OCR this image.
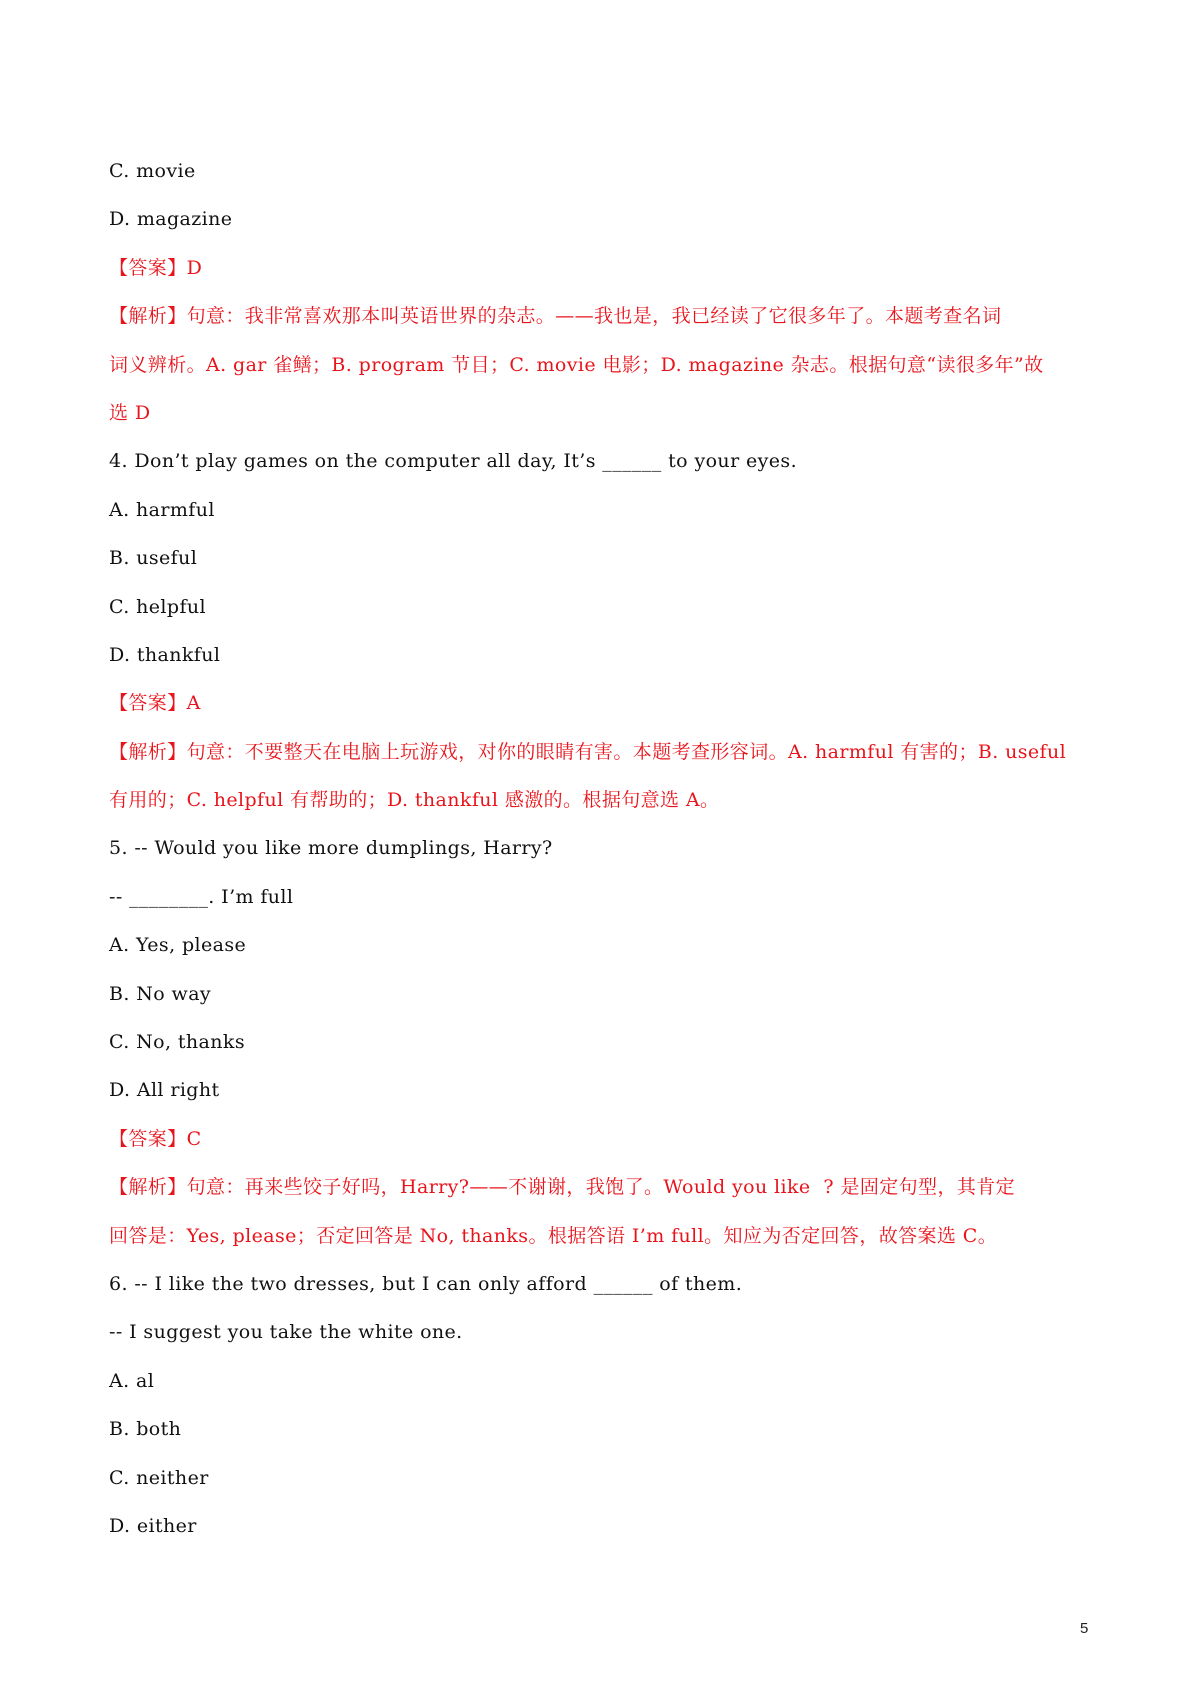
C. movie
D. magazine
【答案】D
【解析】句意：我非常喜欢那本叫英语世界的杂志。——我也是，我已经读了它很多年了。本题考查名词
词义辨析。A. gar 雀鳝；B. program 节目；C. movie 电影；D. magazine 杂志。根据句意“读很多年”故
选 D
4. Don’t play games on the computer all day, It’s ______ to your eyes.
A. harmful
B. useful
C. helpful
D. thankful
【答案】A
【解析】句意：不要整天在电脑上玩游戏，对你的眼睛有害。本题考查形容词。A. harmful 有害的；B. useful
有用的；C. helpful 有帮助的；D. thankful 感激的。根据句意选 A。
5. -- Would you like more dumplings, Harry?
-- ________. I’m full
A. Yes, please
B. No way
C. No, thanks
D. All right
【答案】C
【解析】句意：再来些饺子好吗，Harry?——不谢谢，我饱了。Would you like  ? 是固定句型，其肯定
回答是：Yes, please；否定回答是 No, thanks。根据答语 I’m full。知应为否定回答，故答案选 C。
6. -- I like the two dresses, but I can only afford ______ of them.
-- I suggest you take the white one.
A. al
B. both
C. neither
D. either
5
